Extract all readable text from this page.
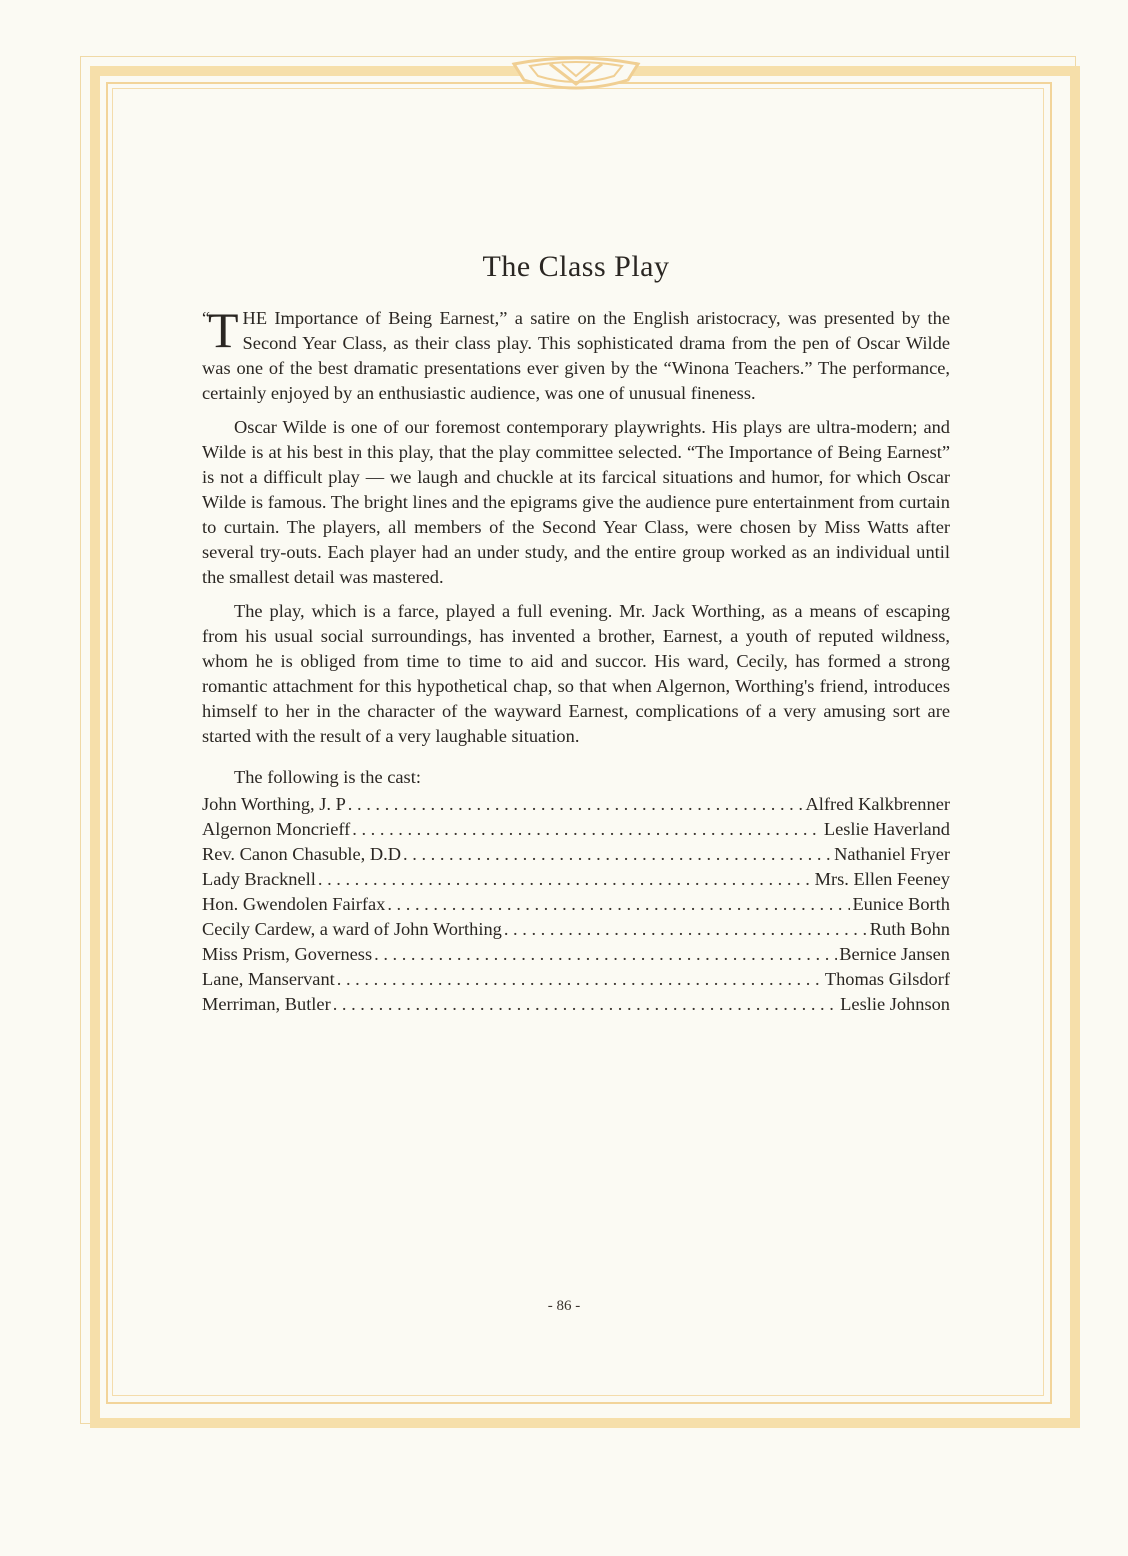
The Class Play

“
T HE Importance of Being Earnest,” a satire on the English aristocracy, was presented by the Second Year Class, as their class play. This sophisticated drama from the pen of Oscar Wilde was one of the best dramatic presentations ever given by the “Winona Teachers.” The performance, certainly enjoyed by an enthusiastic audience, was one of unusual fineness.

Oscar Wilde is one of our foremost contemporary playwrights. His plays are ultra-modern; and Wilde is at his best in this play, that the play committee selected. “The Importance of Being Earnest” is not a difficult play — we laugh and chuckle at its farcical situations and humor, for which Oscar Wilde is famous. The bright lines and the epigrams give the audience pure entertainment from curtain to curtain. The players, all members of the Second Year Class, were chosen by Miss Watts after several try-outs. Each player had an under study, and the entire group worked as an individual until the smallest detail was mastered.

The play, which is a farce, played a full evening. Mr. Jack Worthing, as a means of escaping from his usual social surroundings, has invented a brother, Earnest, a youth of reputed wildness, whom he is obliged from time to time to aid and succor. His ward, Cecily, has formed a strong romantic attachment for this hypothetical chap, so that when Algernon, Worthing's friend, introduces himself to her in the character of the wayward Earnest, complications of a very amusing sort are started with the result of a very laughable situation.

The following is the cast:
John Worthing, J. P . . .	Alfred Kalkbrenner
Algernon Moncrieff . . .	Leslie Haverland
Rev. Canon Chasuble, D.D . . .	Nathaniel Fryer
Lady Bracknell . . .	Mrs. Ellen Feeney
Hon. Gwendolen Fairfax . . .	Eunice Borth
Cecily Cardew, a ward of John Worthing . . .	Ruth Bohn
Miss Prism, Governess . . .	Bernice Jansen
Lane, Manservant . . .	Thomas Gilsdorf
Merriman, Butler . . .	Leslie Johnson
- 86 -
